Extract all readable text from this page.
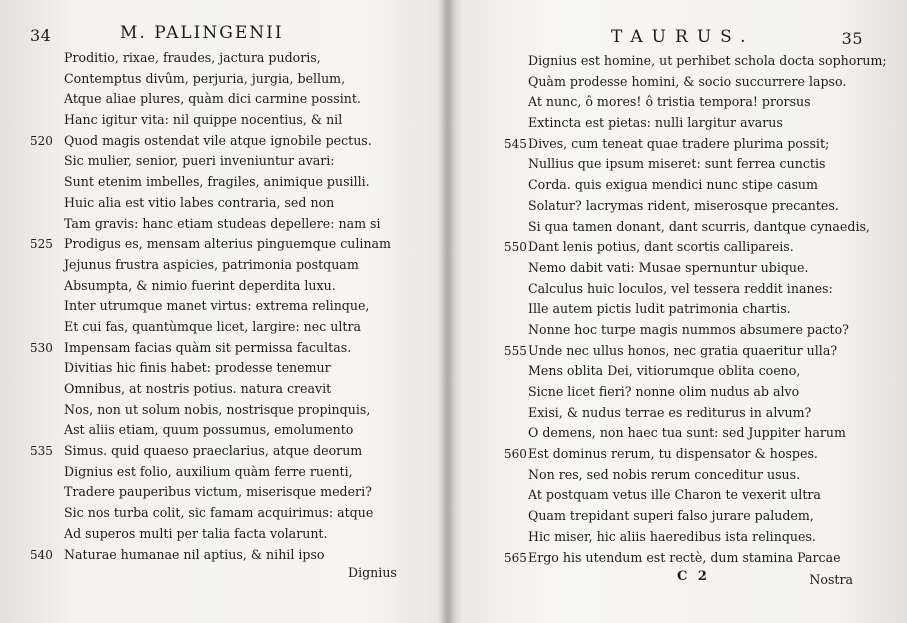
34	M. PALINGENII
Proditio, rixae, fraudes, jactura pudoris,
Contemptus divûm, perjuria, jurgia, bellum,
Atque aliae plures, quàm dici carmine possint.
Hanc igitur vita: nil quippe nocentius, & nil
520 Quod magis ostendat vile atque ignobile pectus.
Sic mulier, senior, pueri inveniuntur avari:
Sunt etenim imbelles, fragiles, animique pusilli.
Huic alia est vitio labes contraria, sed non
Tam gravis: hanc etiam studeas depellere: nam si
525 Prodigus es, mensam alterius pinguemque culinam
Jejunus frustra aspicies, patrimonia postquam
Absumpta, & nimio fuerint deperdita luxu.
Inter utrumque manet virtus: extrema relinque,
Et cui fas, quantùmque licet, largire: nec ultra
530 Impensam facias quàm sit permissa facultas.
Divitias hic finis habet: prodesse tenemur
Omnibus, at nostris potius. natura creavit
Nos, non ut solum nobis, nostrisque propinquis,
Ast aliis etiam, quum possumus, emolumento
535 Simus. quid quaeso praeclarius, atque deorum
Dignius est folio, auxilium quàm ferre ruenti,
Tradere pauperibus victum, miserisque mederi?
Sic nos turba colit, sic famam acquirimus: atque
Ad superos multi per talia facta volarunt.
540 Naturae humanae nil aptius, & nihil ipso
Dignius
35
TAURUS.
Dignius est homine, ut perhibet schola docta sophorum;
Quàm prodesse homini, & socio succurrere lapso.
At nunc, ô mores! ô tristia tempora! prorsus
Extincta est pietas: nulli largitur avarus
545 Dives, cum teneat quae tradere plurima possit;
Nullius que ipsum miseret: sunt ferrea cunctis
Corda. quis exigua mendici nunc stipe casum
Solatur? lacrymas rident, miserosque precantes.
Si qua tamen donant, dant scurris, dantque cynaedis,
550 Dant lenis potius, dant scortis callipareis.
Nemo dabit vati: Musae spernuntur ubique.
Calculus huic loculos, vel tessera reddit inanes:
Ille autem pictis ludit patrimonia chartis.
Nonne hoc turpe magis nummos absumere pacto?
555 Unde nec ullus honos, nec gratia quaeritur ulla?
Mens oblita Dei, vitiorumque oblita coeno,
Sicne licet fieri? nonne olim nudus ab alvo
Exisi, & nudus terrae es rediturus in alvum?
O demens, non haec tua sunt: sed Juppiter harum
560 Est dominus rerum, tu dispensator & hospes.
Non res, sed nobis rerum conceditur usus.
At postquam vetus ille Charon te vexerit ultra
Quam trepidant superi falso jurare paludem,
Hic miser, hic aliis haeredibus ista relinques.
565 Ergo his utendum est rectè, dum stamina Parcae
C 2	Nostra
